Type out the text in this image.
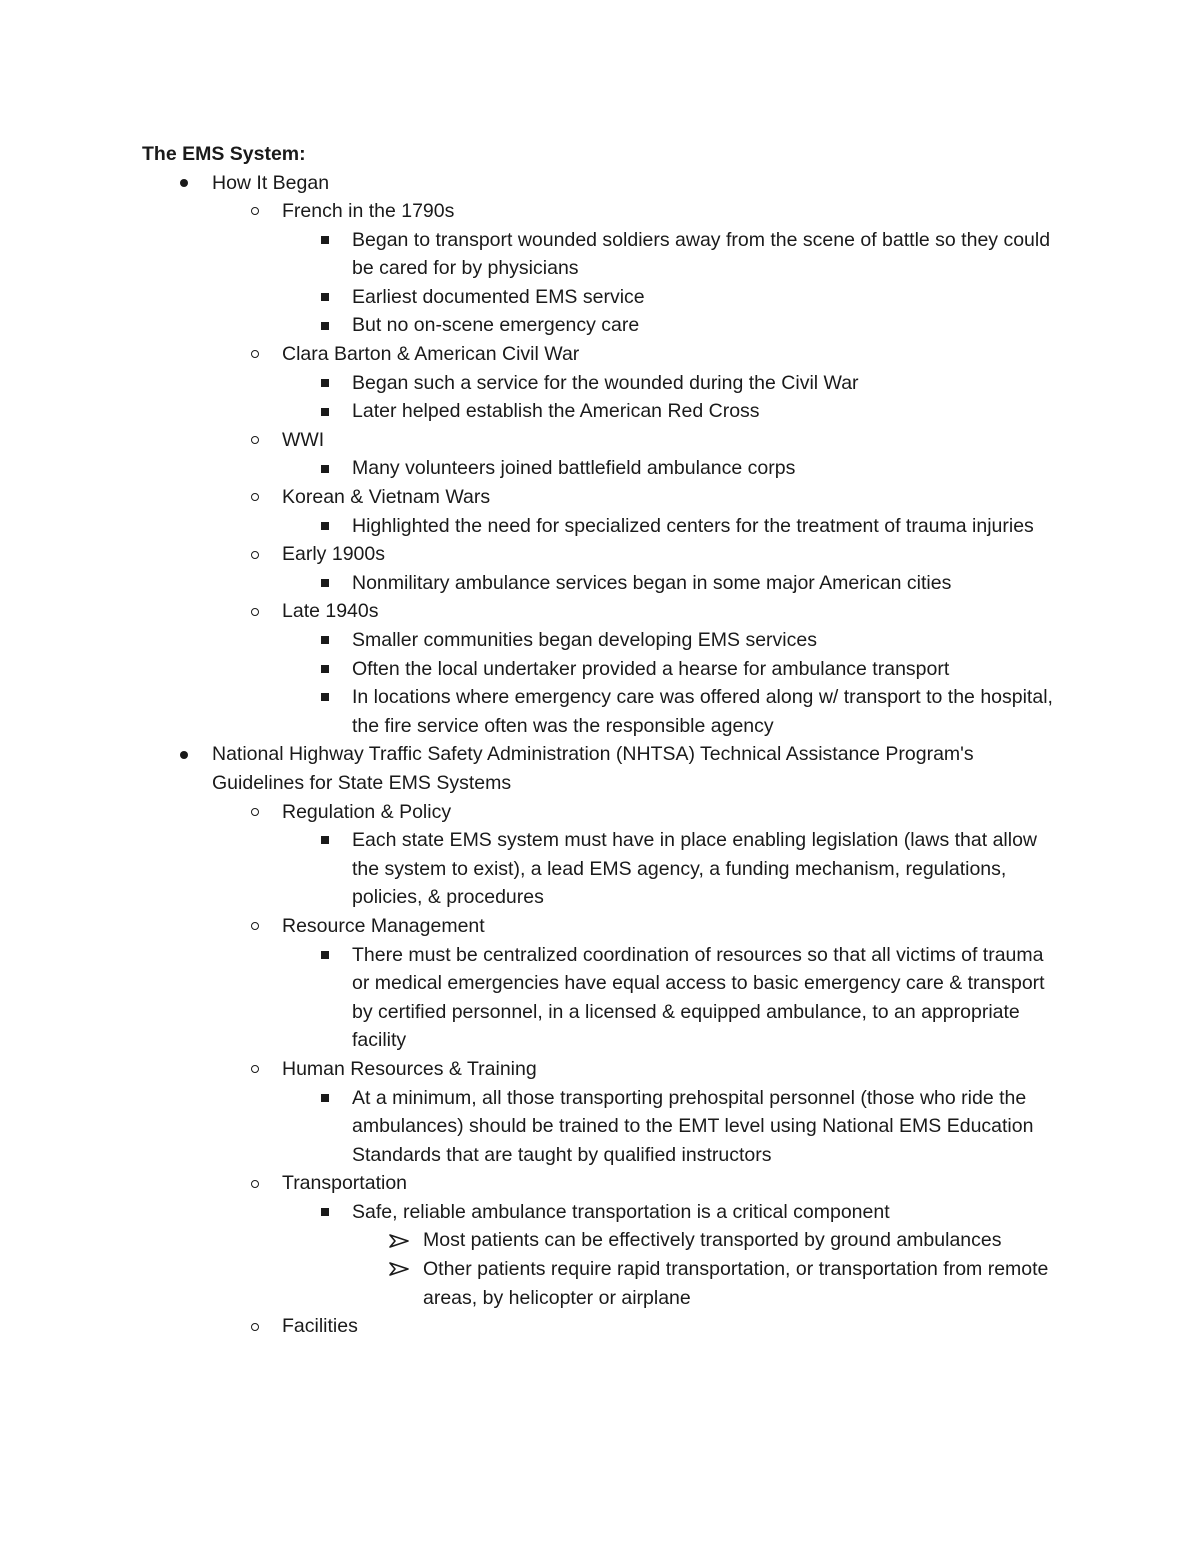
The EMS System:
How It Began
French in the 1790s
Began to transport wounded soldiers away from the scene of battle so they could be cared for by physicians
Earliest documented EMS service
But no on-scene emergency care
Clara Barton & American Civil War
Began such a service for the wounded during the Civil War
Later helped establish the American Red Cross
WWI
Many volunteers joined battlefield ambulance corps
Korean & Vietnam Wars
Highlighted the need for specialized centers for the treatment of trauma injuries
Early 1900s
Nonmilitary ambulance services began in some major American cities
Late 1940s
Smaller communities began developing EMS services
Often the local undertaker provided a hearse for ambulance transport
In locations where emergency care was offered along w/ transport to the hospital, the fire service often was the responsible agency
National Highway Traffic Safety Administration (NHTSA) Technical Assistance Program's Guidelines for State EMS Systems
Regulation & Policy
Each state EMS system must have in place enabling legislation (laws that allow the system to exist), a lead EMS agency, a funding mechanism, regulations, policies, & procedures
Resource Management
There must be centralized coordination of resources so that all victims of trauma or medical emergencies have equal access to basic emergency care & transport by certified personnel, in a licensed & equipped ambulance, to an appropriate facility
Human Resources & Training
At a minimum, all those transporting prehospital personnel (those who ride the ambulances) should be trained to the EMT level using National EMS Education Standards that are taught by qualified instructors
Transportation
Safe, reliable ambulance transportation is a critical component
Most patients can be effectively transported by ground ambulances
Other patients require rapid transportation, or transportation from remote areas, by helicopter or airplane
Facilities
